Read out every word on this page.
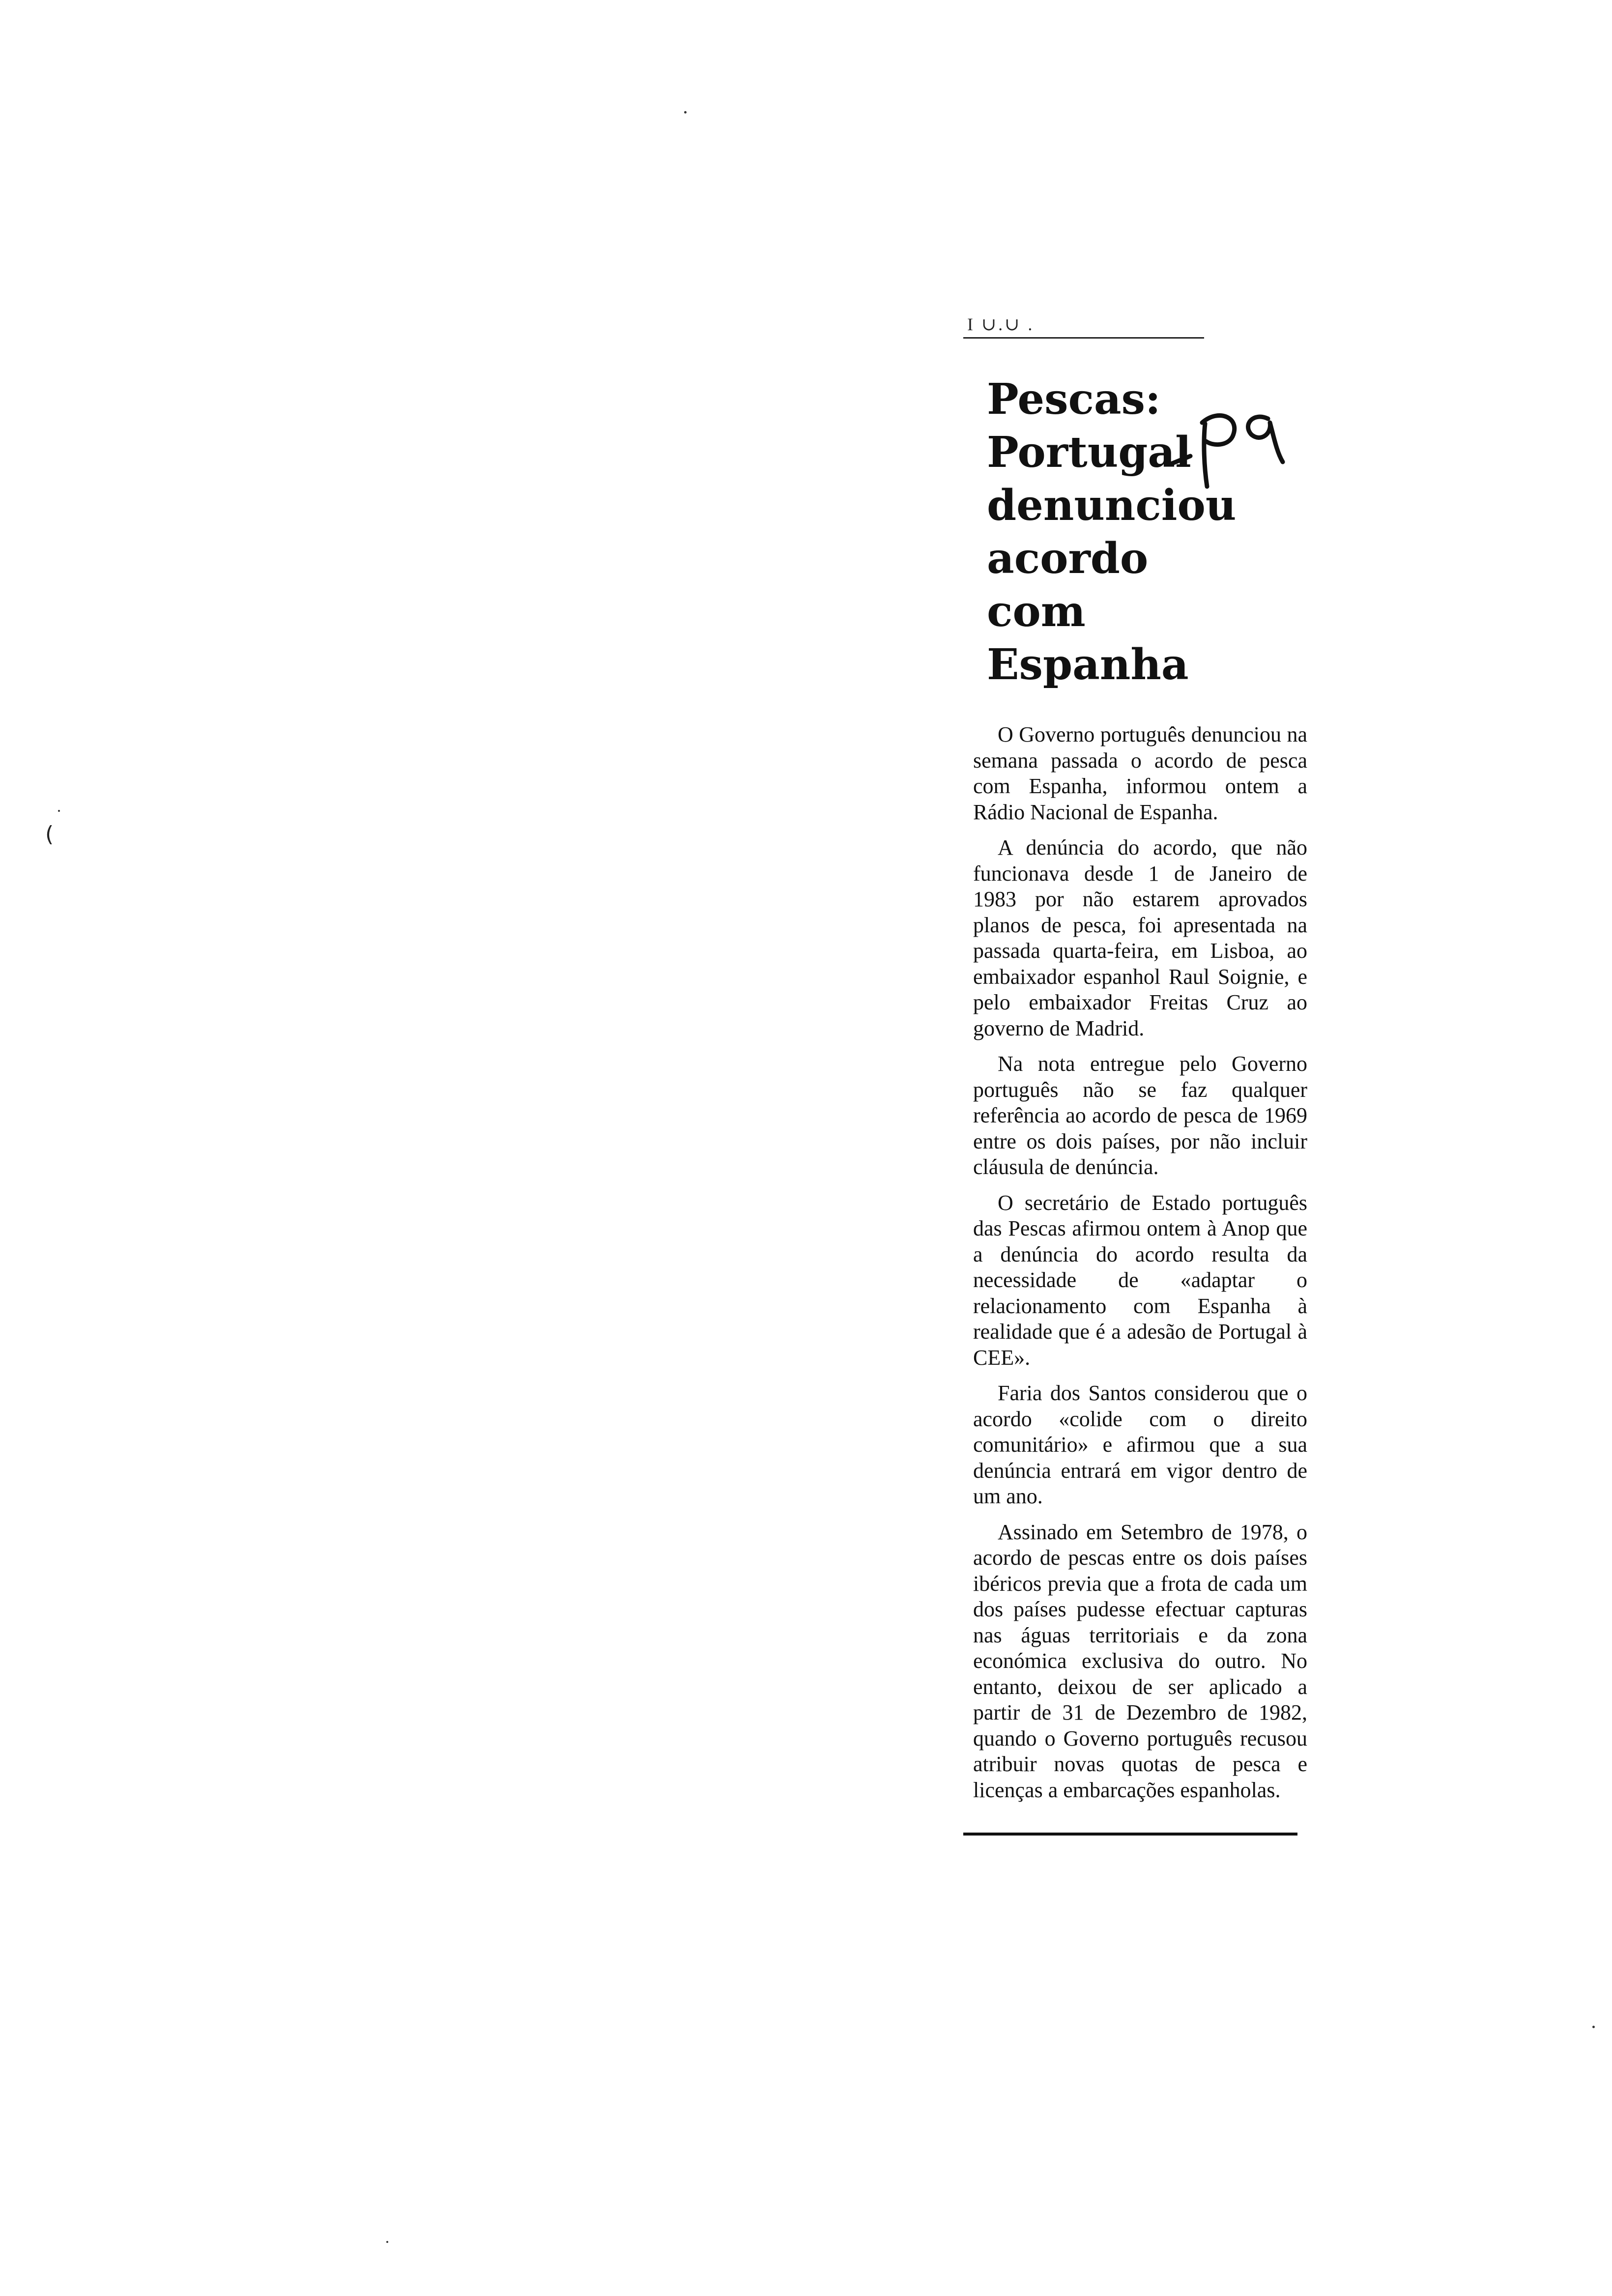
I ∪.∪ .
Pescas:
Portugal
denunciou
acordo
com
Espanha

O Governo português denunciou na semana passada o acordo de pesca com Espanha, informou ontem a Rádio Nacional de Espanha.

A denúncia do acordo, que não funcionava desde 1 de Janeiro de 1983 por não estarem aprovados planos de pesca, foi apresentada na passada quarta-feira, em Lisboa, ao embaixador espanhol Raul Soignie, e pelo embaixador Freitas Cruz ao governo de Madrid.

Na nota entregue pelo Governo português não se faz qualquer referência ao acordo de pesca de 1969 entre os dois países, por não incluir cláusula de denúncia.

O secretário de Estado português das Pescas afirmou ontem à Anop que a denúncia do acordo resulta da necessidade de «adaptar o relacionamento com Espanha à realidade que é a adesão de Portugal à CEE».

Faria dos Santos considerou que o acordo «colide com o direito comunitário» e afirmou que a sua denúncia entrará em vigor dentro de um ano.

Assinado em Setembro de 1978, o acordo de pescas entre os dois países ibéricos previa que a frota de cada um dos países pudesse efectuar capturas nas águas territoriais e da zona económica exclusiva do outro. No entanto, deixou de ser aplicado a partir de 31 de Dezembro de 1982, quando o Governo português recusou atribuir novas quotas de pesca e licenças a embarcações espanholas.

(
